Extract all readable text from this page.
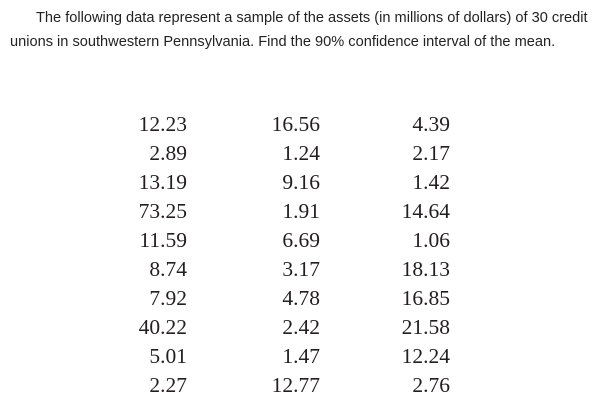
The following data represent a sample of the assets (in millions of dollars) of 30 credit unions in southwestern Pennsylvania. Find the 90% confidence interval of the mean.

12.23
2.89
13.19
73.25
11.59
8.74
7.92
40.22
5.01
2.27
16.56
1.24
9.16
1.91
6.69
3.17
4.78
2.42
1.47
12.77
4.39
2.17
1.42
14.64
1.06
18.13
16.85
21.58
12.24
2.76
